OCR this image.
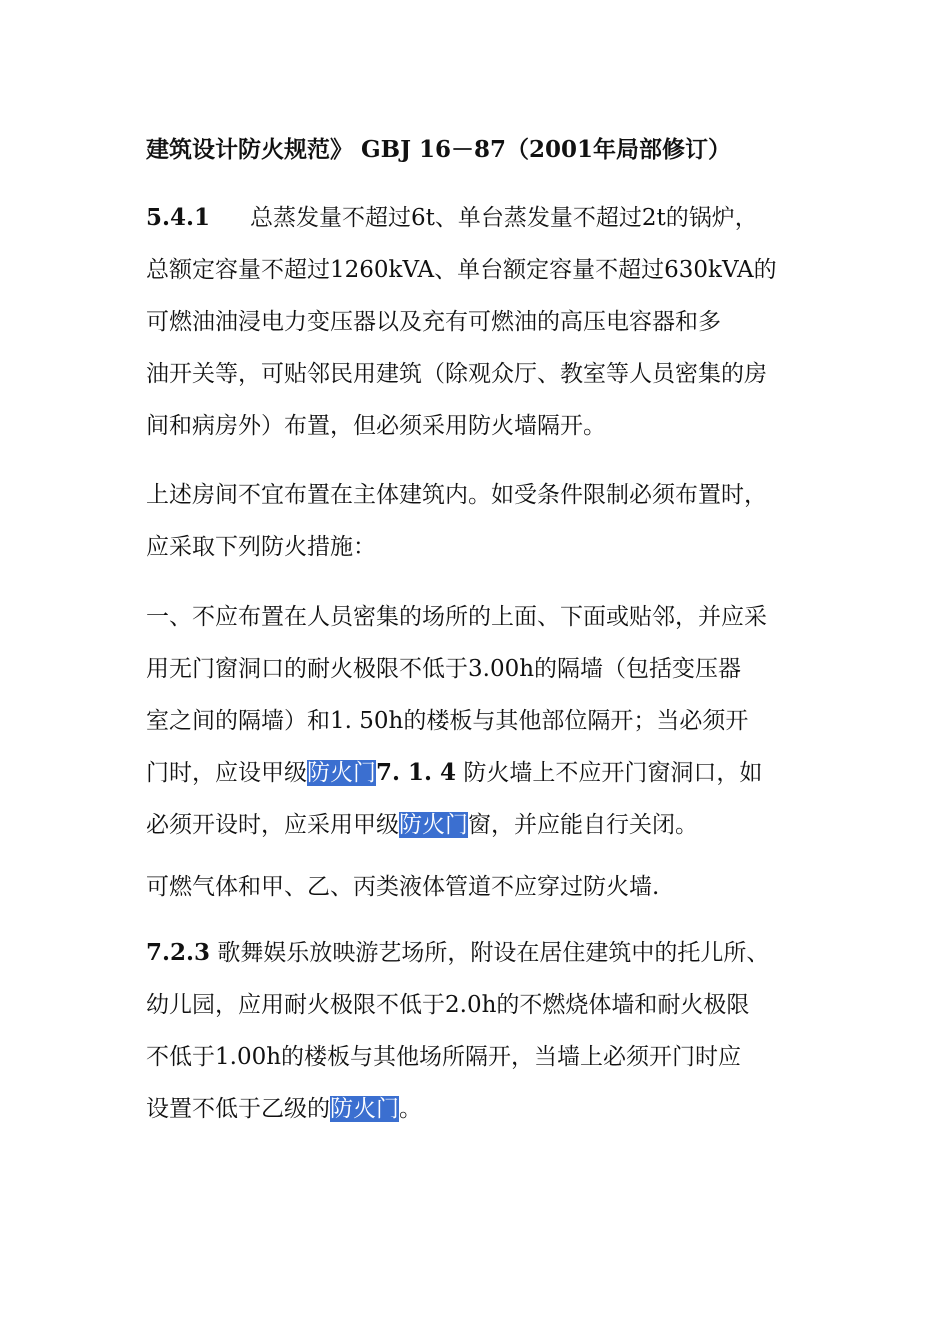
建筑设计防火规范》 GBJ 16－87（2001年局部修订）

5.4.1 总蒸发量不超过6t、单台蒸发量不超过2t的锅炉，
总额定容量不超过1260kVA、单台额定容量不超过630kVA的
可燃油油浸电力变压器以及充有可燃油的高压电容器和多
油开关等，可贴邻民用建筑（除观众厅、教室等人员密集的房
间和病房外）布置，但必须采用防火墙隔开。
上述房间不宜布置在主体建筑内。如受条件限制必须布置时，
应采取下列防火措施：
一、不应布置在人员密集的场所的上面、下面或贴邻，并应采
用无门窗洞口的耐火极限不低于3.00h的隔墙（包括变压器
室之间的隔墙）和1. 50h的楼板与其他部位隔开；当必须开
门时，应设甲级防火门7. 1. 4 防火墙上不应开门窗洞口，如
必须开设时，应采用甲级防火门窗，并应能自行关闭。
可燃气体和甲、乙、丙类液体管道不应穿过防火墙.
7.2.3 歌舞娱乐放映游艺场所，附设在居住建筑中的托儿所、
幼儿园，应用耐火极限不低于2.0h的不燃烧体墙和耐火极限
不低于1.00h的楼板与其他场所隔开，当墙上必须开门时应
设置不低于乙级的防火门。
